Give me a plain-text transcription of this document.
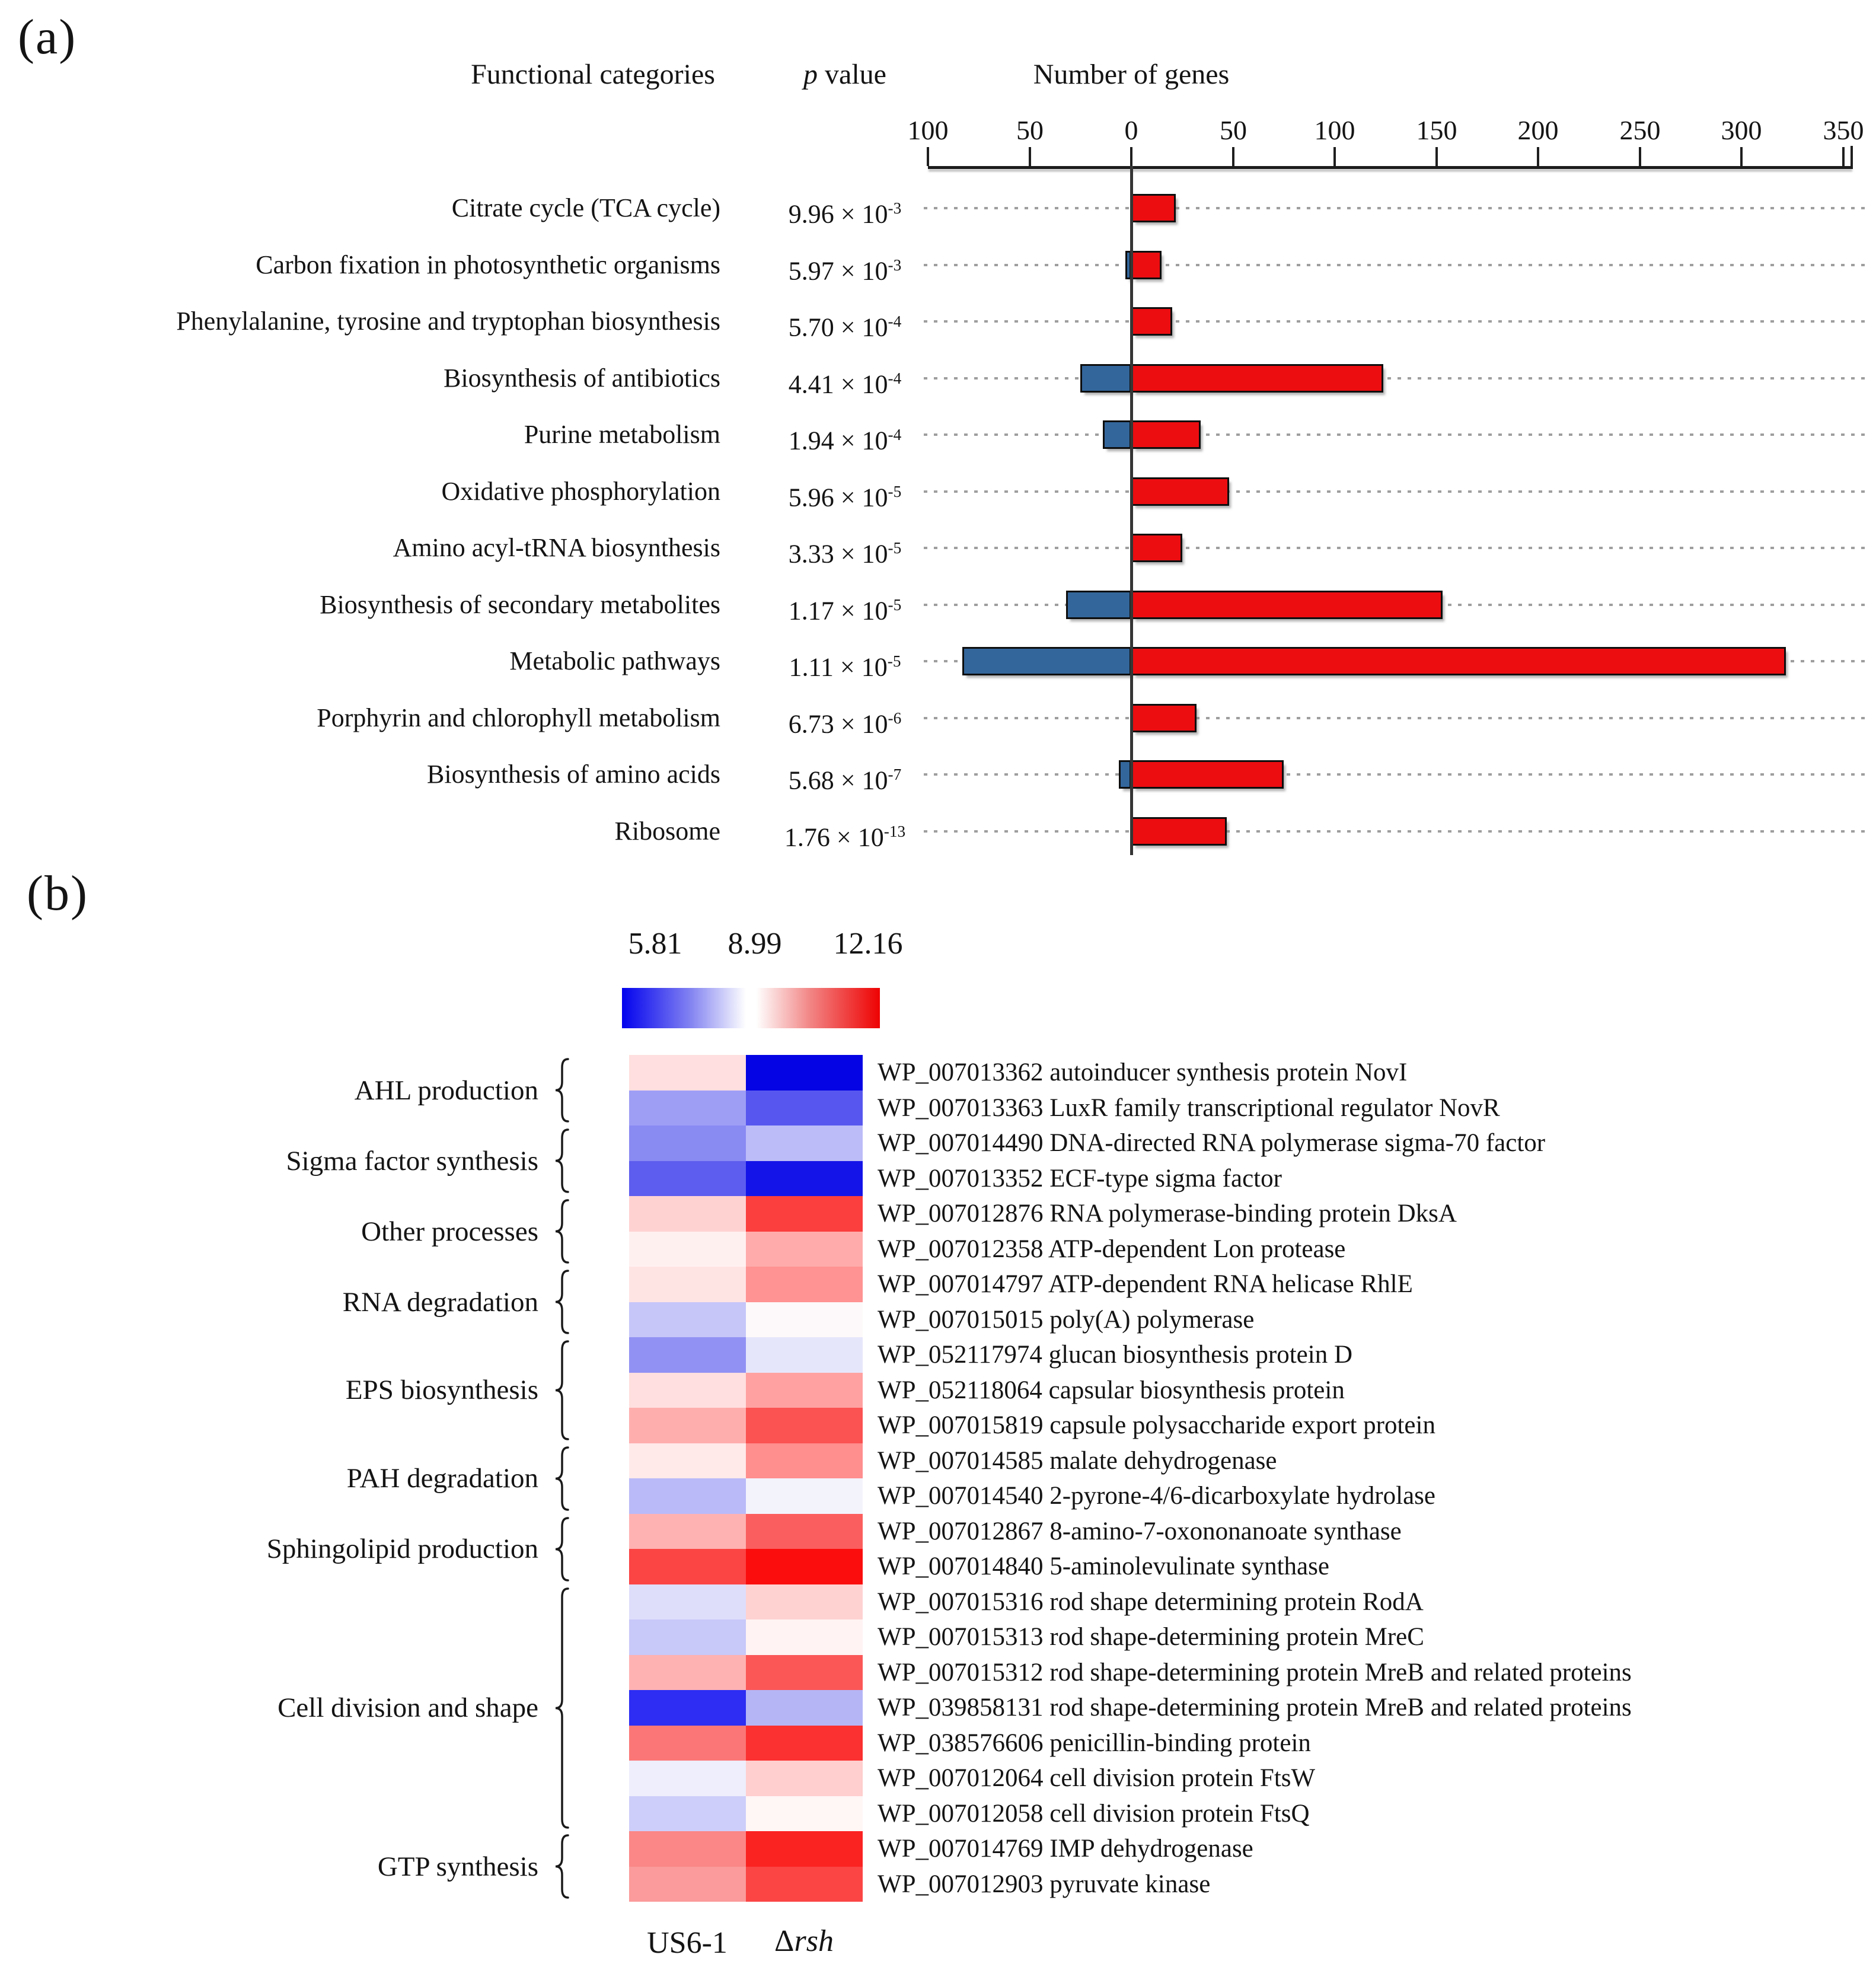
(a)
Functional categories	p value	Number of genes
100	50	0	50	100	150	200	250	300	350
Citrate cycle (TCA cycle)	$9.96 \times 10^{-3}$
Carbon fixation in photosynthetic organisms	$5.97 \times 10^{-3}$
Phenylalanine, tyrosine and tryptophan biosynthesis	$5.70 \times 10^{-4}$
Biosynthesis of antibiotics	$4.41 \times 10^{-4}$
Purine metabolism	$1.94 \times 10^{-4}$
Oxidative phosphorylation	$5.96 \times 10^{-5}$
Amino acyl-tRNA biosynthesis	$3.33 \times 10^{-5}$
Biosynthesis of secondary metabolites	$1.17 \times 10^{-5}$
Metabolic pathways	$1.11 \times 10^{-5}$
Porphyrin and chlorophyll metabolism	$6.73 \times 10^{-6}$
Biosynthesis of amino acids	$5.68 \times 10^{-7}$
Ribosome	$1.76 \times 10^{-13}$
(b)
5.81	8.99	12.16
AHL production
Sigma factor synthesis
Other processes
RNA degradation
EPS biosynthesis
PAH degradation
Sphingolipid production
Cell division and shape
GTP synthesis
WP_007013362 autoinducer synthesis protein NovI
WP_007013363 LuxR family transcriptional regulator NovR
WP_007014490 DNA-directed RNA polymerase sigma-70 factor
WP_007013352 ECF-type sigma factor
WP_007012876 RNA polymerase-binding protein DksA
WP_007012358 ATP-dependent Lon protease
WP_007014797 ATP-dependent RNA helicase RhlE
WP_007015015 poly(A) polymerase
WP_052117974 glucan biosynthesis protein D
WP_052118064 capsular biosynthesis protein
WP_007015819 capsule polysaccharide export protein
WP_007014585 malate dehydrogenase
WP_007014540 2-pyrone-4/6-dicarboxylate hydrolase
WP_007012867 8-amino-7-oxononanoate synthase
WP_007014840 5-aminolevulinate synthase
WP_007015316 rod shape determining protein RodA
WP_007015313 rod shape-determining protein MreC
WP_007015312 rod shape-determining protein MreB and related proteins
WP_039858131 rod shape-determining protein MreB and related proteins
WP_038576606 penicillin-binding protein
WP_007012064 cell division protein FtsW
WP_007012058 cell division protein FtsQ
WP_007014769 IMP dehydrogenase
WP_007012903 pyruvate kinase
US6-1	Δrsh
